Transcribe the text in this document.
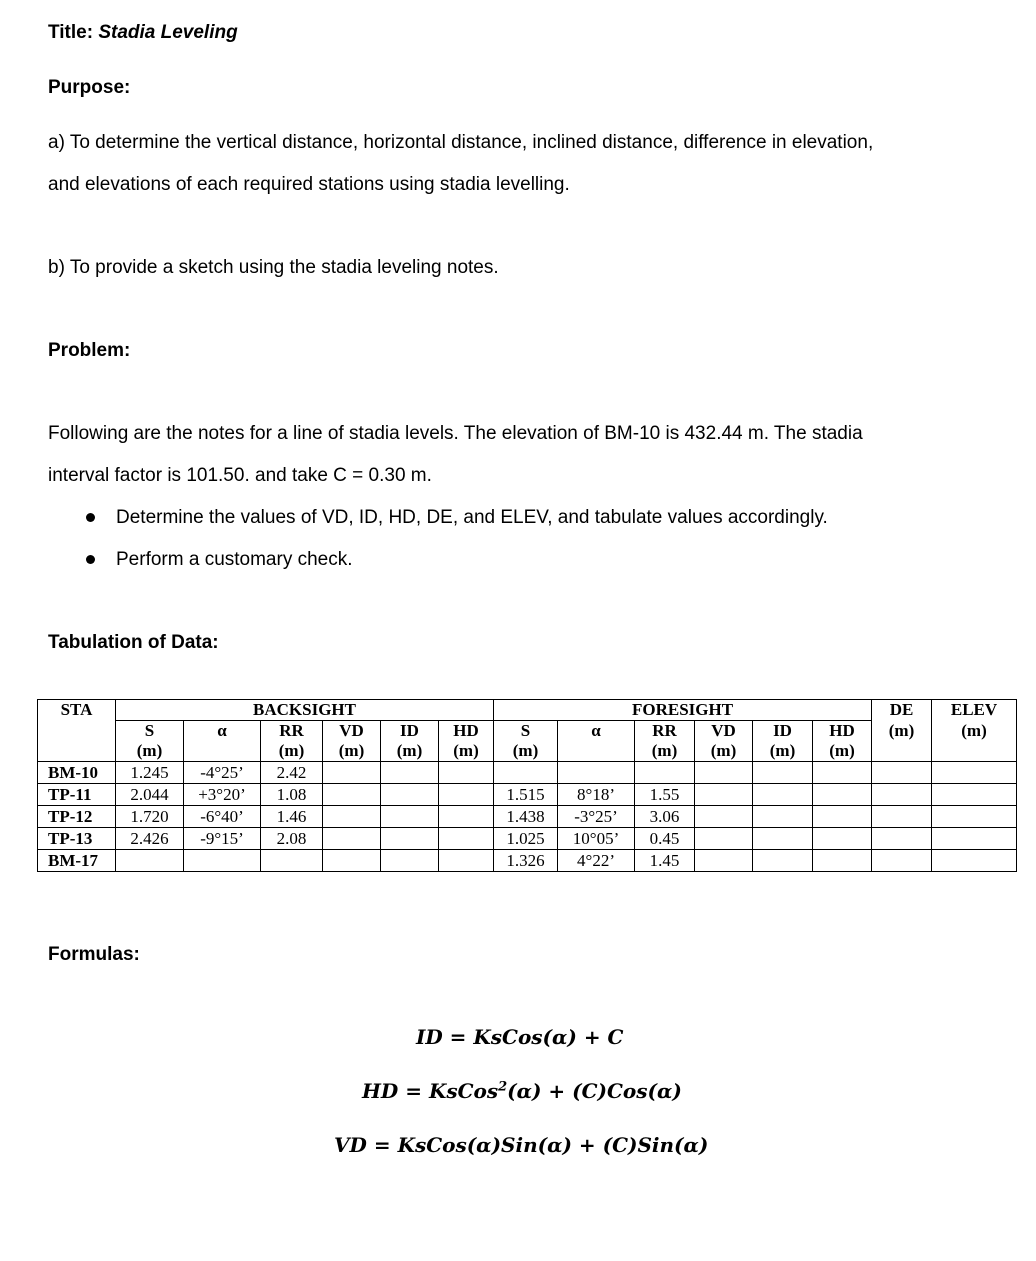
Title: Stadia Leveling
Purpose:
a) To determine the vertical distance, horizontal distance, inclined distance, difference in elevation,
and elevations of each required stations using stadia levelling.
b) To provide a sketch using the stadia leveling notes.
Problem:
Following are the notes for a line of stadia levels. The elevation of BM-10 is 432.44 m. The stadia
interval factor is 101.50. and take C = 0.30 m.
Determine the values of VD, ID, HD, DE, and ELEV, and tabulate values accordingly.
Perform a customary check.
Tabulation of Data:
STA	BACKSIGHT						FORESIGHT						DE	ELEV
	S	α	RR	VD	ID	HD	S	α	RR	VD	ID	HD	(m)	(m)
	(m)		(m)	(m)	(m)	(m)	(m)		(m)	(m)	(m)	(m)		
BM-10	1.245	-4°25’	2.42											
TP-11	2.044	+3°20’	1.08				1.515	8°18’	1.55					
TP-12	1.720	-6°40’	1.46				1.438	-3°25’	3.06					
TP-13	2.426	-9°15’	2.08				1.025	10°05’	0.45					
BM-17							1.326	4°22’	1.45					
Formulas:
ID = KsCos(α) + C
HD = KsCos$^2$(α) + (C)Cos(α)
VD = KsCos(α)Sin(α) + (C)Sin(α)
